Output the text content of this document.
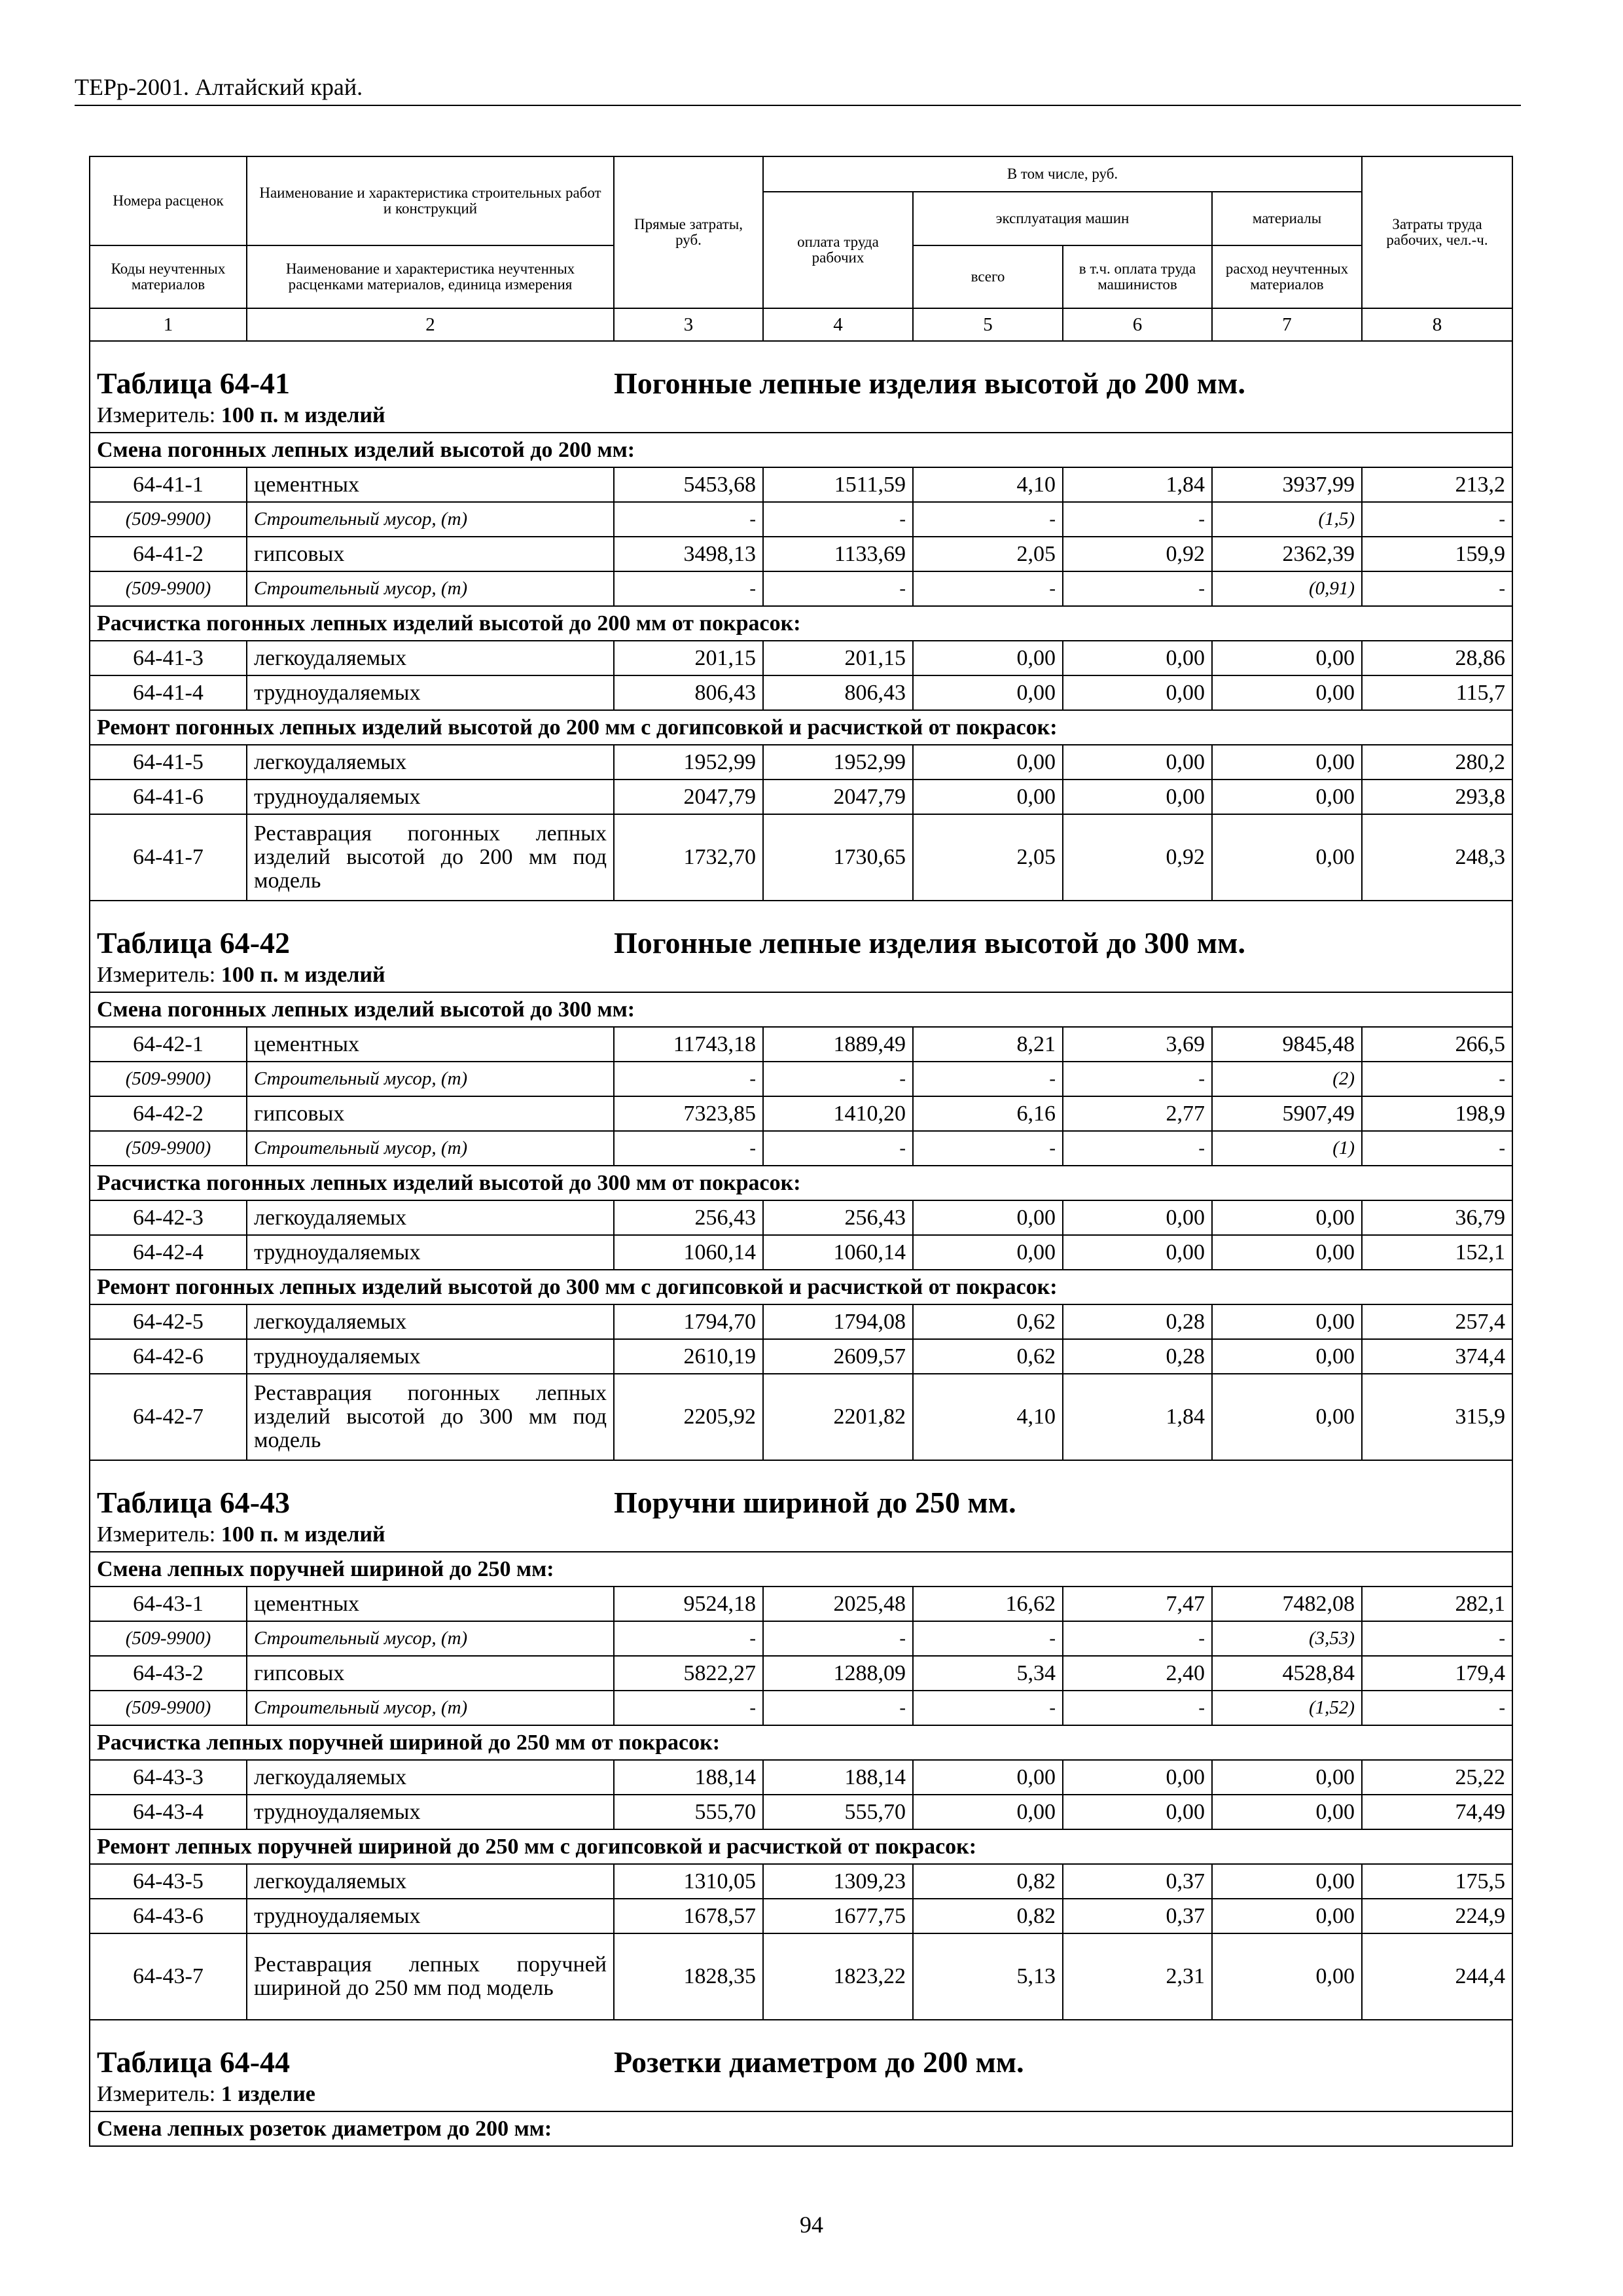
ТЕРр-2001. Алтайский край.
Номера расценок	Наименование и характеристика строительных работ и конструкций	Прямые затраты, руб.	В том числе, руб.				Затраты труда рабочих, чел.-ч.
			оплата труда рабочих	эксплуатация машин		материалы	
Коды неучтенных материалов	Наименование и характеристика неучтенных расценками материалов, единица измерения			всего	в т.ч. оплата труда машинистов	расход неучтенных материалов	
1	2	3	4	5	6	7	8
Таблица 64-41 Погонные лепные изделия высотой до 200 мм.							
Измеритель: 100 п. м изделий							
Смена погонных лепных изделий высотой до 200 мм:							
64-41-1	цементных	5453,68	1511,59	4,10	1,84	3937,99	213,2
(509-9900)	Строительный мусор, (т)	-	-	-	-	(1,5)	-
64-41-2	гипсовых	3498,13	1133,69	2,05	0,92	2362,39	159,9
(509-9900)	Строительный мусор, (т)	-	-	-	-	(0,91)	-
Расчистка погонных лепных изделий высотой до 200 мм от покрасок:							
64-41-3	легкоудаляемых	201,15	201,15	0,00	0,00	0,00	28,86
64-41-4	трудноудаляемых	806,43	806,43	0,00	0,00	0,00	115,7
Ремонт погонных лепных изделий высотой до 200 мм с догипсовкой и расчисткой от покрасок:							
64-41-5	легкоудаляемых	1952,99	1952,99	0,00	0,00	0,00	280,2
64-41-6	трудноудаляемых	2047,79	2047,79	0,00	0,00	0,00	293,8
64-41-7	Реставрация погонных лепных изделий высотой до 200 мм под модель	1732,70	1730,65	2,05	0,92	0,00	248,3
Таблица 64-42 Погонные лепные изделия высотой до 300 мм.							
Измеритель: 100 п. м изделий							
Смена погонных лепных изделий высотой до 300 мм:							
64-42-1	цементных	11743,18	1889,49	8,21	3,69	9845,48	266,5
(509-9900)	Строительный мусор, (т)	-	-	-	-	(2)	-
64-42-2	гипсовых	7323,85	1410,20	6,16	2,77	5907,49	198,9
(509-9900)	Строительный мусор, (т)	-	-	-	-	(1)	-
Расчистка погонных лепных изделий высотой до 300 мм от покрасок:							
64-42-3	легкоудаляемых	256,43	256,43	0,00	0,00	0,00	36,79
64-42-4	трудноудаляемых	1060,14	1060,14	0,00	0,00	0,00	152,1
Ремонт погонных лепных изделий высотой до 300 мм с догипсовкой и расчисткой от покрасок:							
64-42-5	легкоудаляемых	1794,70	1794,08	0,62	0,28	0,00	257,4
64-42-6	трудноудаляемых	2610,19	2609,57	0,62	0,28	0,00	374,4
64-42-7	Реставрация погонных лепных изделий высотой до 300 мм под модель	2205,92	2201,82	4,10	1,84	0,00	315,9
Таблица 64-43 Поручни шириной до 250 мм.							
Измеритель: 100 п. м изделий							
Смена лепных поручней шириной до 250 мм:							
64-43-1	цементных	9524,18	2025,48	16,62	7,47	7482,08	282,1
(509-9900)	Строительный мусор, (т)	-	-	-	-	(3,53)	-
64-43-2	гипсовых	5822,27	1288,09	5,34	2,40	4528,84	179,4
(509-9900)	Строительный мусор, (т)	-	-	-	-	(1,52)	-
Расчистка лепных поручней шириной до 250 мм от покрасок:							
64-43-3	легкоудаляемых	188,14	188,14	0,00	0,00	0,00	25,22
64-43-4	трудноудаляемых	555,70	555,70	0,00	0,00	0,00	74,49
Ремонт лепных поручней шириной до 250 мм с догипсовкой и расчисткой от покрасок:							
64-43-5	легкоудаляемых	1310,05	1309,23	0,82	0,37	0,00	175,5
64-43-6	трудноудаляемых	1678,57	1677,75	0,82	0,37	0,00	224,9
64-43-7	Реставрация лепных поручней шириной до 250 мм под модель	1828,35	1823,22	5,13	2,31	0,00	244,4
Таблица 64-44 Розетки диаметром до 200 мм.							
Измеритель: 1 изделие							
Смена лепных розеток диаметром до 200 мм:							
94
